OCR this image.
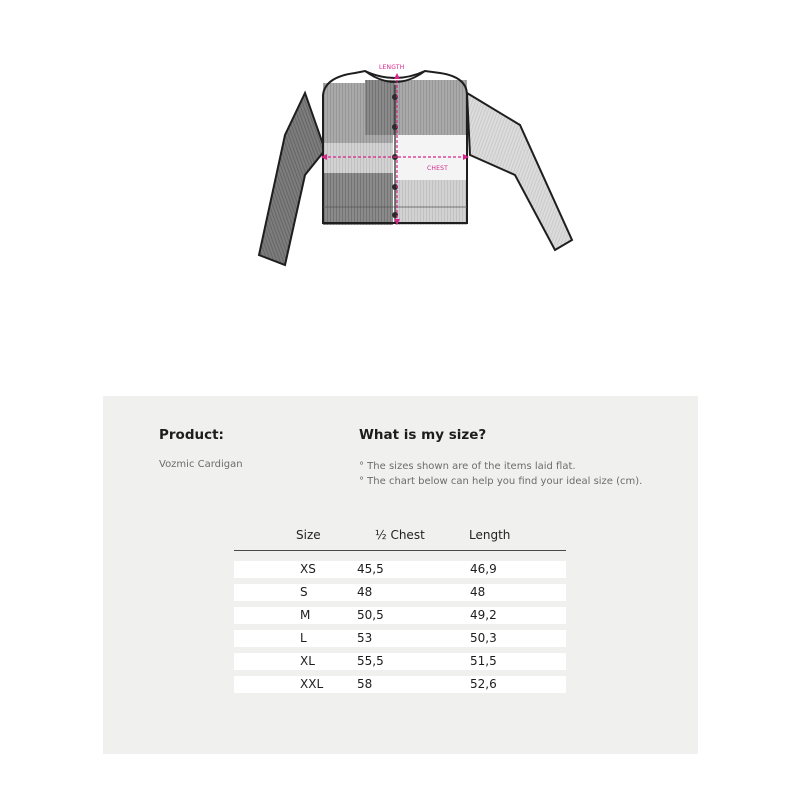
LENGTH
CHEST
Product:
Vozmic Cardigan
What is my size?
° The sizes shown are of the items laid flat.
° The chart below can help you find your ideal size (cm).
Size	½ Chest	Length
XS	45,5	46,9
S	48	48
M	50,5	49,2
L	53	50,3
XL	55,5	51,5
XXL	58	52,6
